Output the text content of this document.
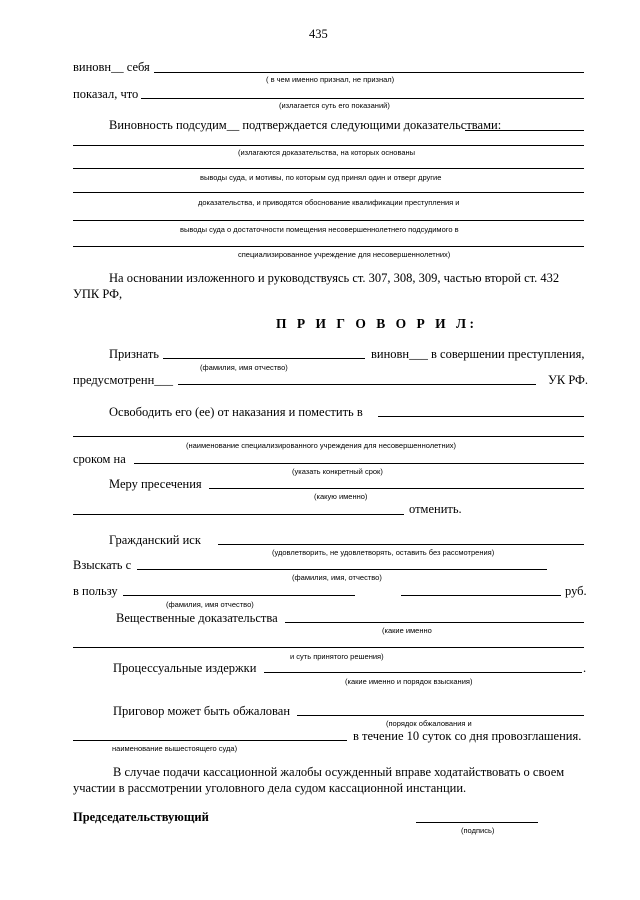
435
виновн__ себя
( в чем именно признал, не признал)
показал, что
(излагается суть его показаний)
Виновность подсудим__ подтверждается следующими доказательствами:
(излагаются доказательства, на которых основаны
выводы суда, и мотивы, по которым суд принял один и отверг другие
доказательства, и приводятся обоснование квалификации преступления и
выводы суда о достаточности помещения несовершеннолетнего подсудимого в
специализированное учреждение для несовершеннолетних)
На основании изложенного и руководствуясь ст. 307, 308, 309, частью второй ст. 432
УПК РФ,
П Р И Г О В О Р И Л:
Признать	виновн___ в совершении преступления,
(фамилия, имя отчество)
предусмотренн___	УК РФ.
Освободить его (ее) от наказания и поместить в
(наименование специализированного учреждения для несовершеннолетних)
сроком на
(указать конкретный срок)
Меру пресечения
(какую именно)
отменить.
Гражданский иск
(удовлетворить, не удовлетворять, оставить без рассмотрения)
Взыскать с
(фамилия, имя, отчество)
в пользу	руб.
(фамилия, имя отчество)
Вещественные доказательства
(какие именно
и суть принятого решения)
Процессуальные издержки	.
(какие именно и порядок взыскания)
Приговор может быть обжалован
(порядок обжалования и
в течение 10 суток со дня провозглашения.
наименование вышестоящего суда)
В случае подачи кассационной жалобы осужденный вправе ходатайствовать о своем
участии в рассмотрении уголовного дела судом кассационной инстанции.
Председательствующий
(подпись)
